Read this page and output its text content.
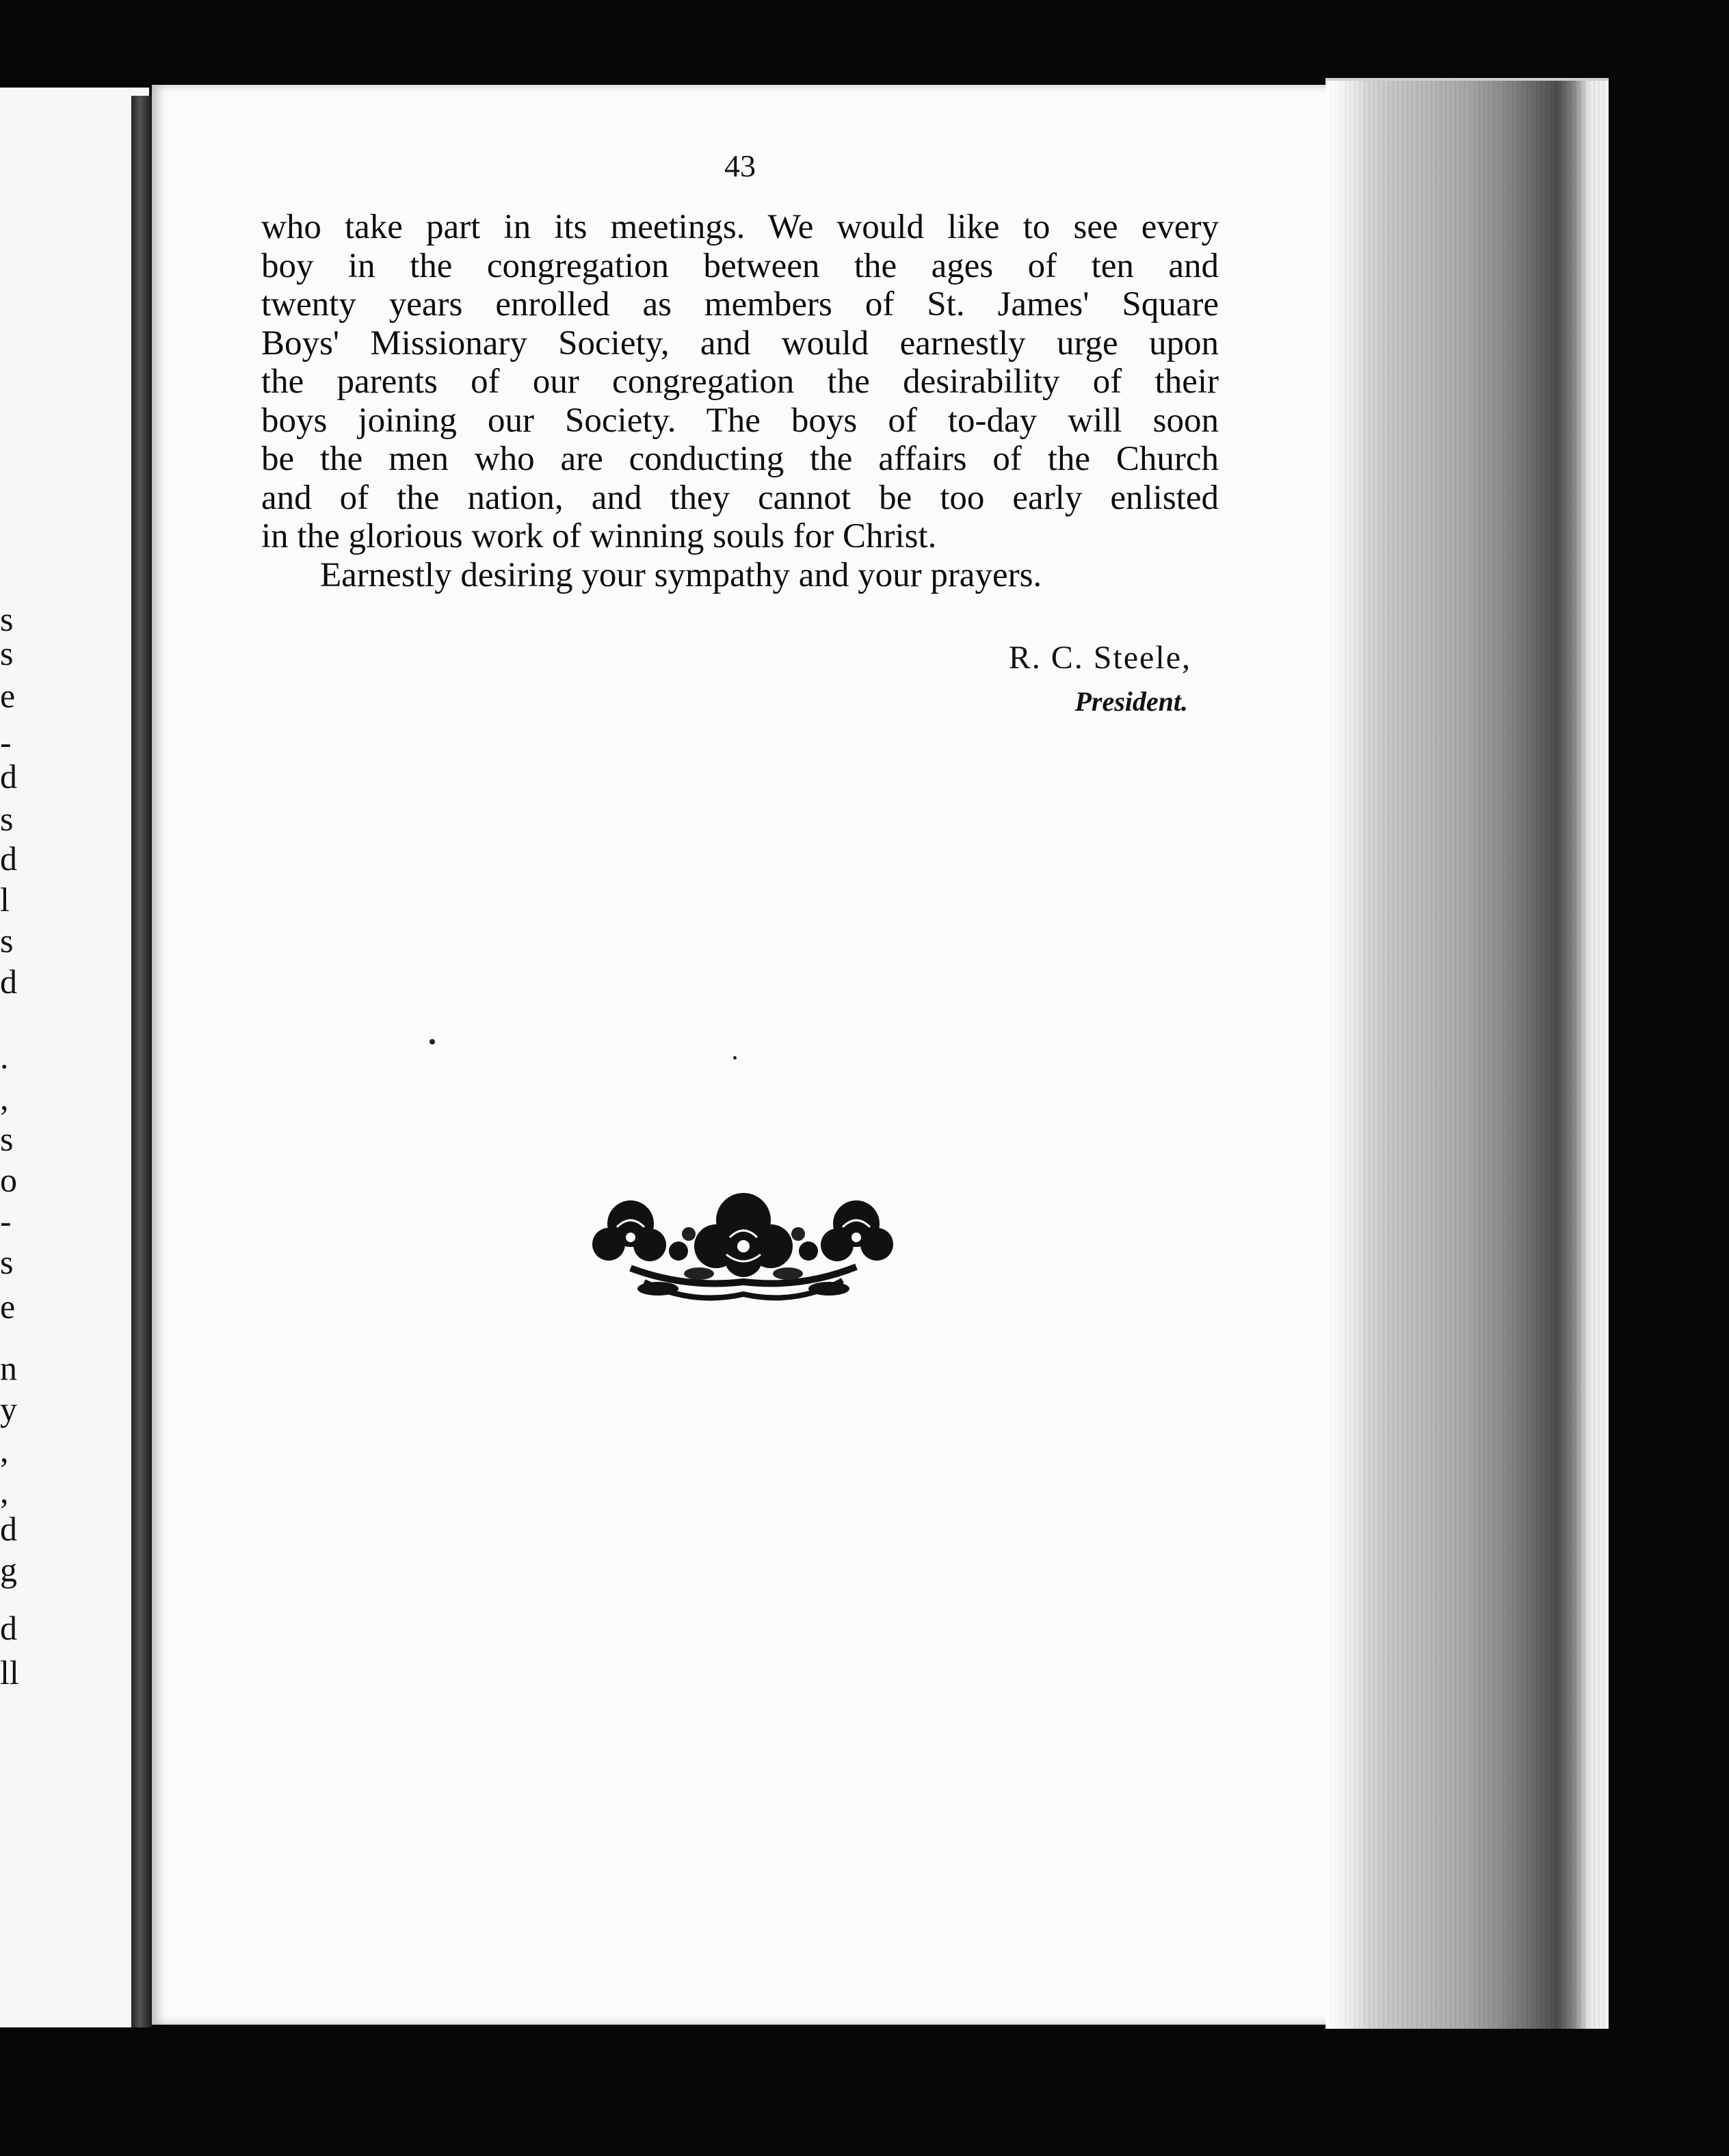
s
s
e
-
d
s
d
l
s
d
.
,
s
o
-
s
e
n
y
,
,
d
g
d
ll
43
who take part in its meetings. We would like to see every
boy in the congregation between the ages of ten and
twenty years enrolled as members of St. James' Square
Boys' Missionary Society, and would earnestly urge upon
the parents of our congregation the desirability of their
boys joining our Society. The boys of to-day will soon
be the men who are conducting the affairs of the Church
and of the nation, and they cannot be too early enlisted
in the glorious work of winning souls for Christ.
Earnestly desiring your sympathy and your prayers.
R. C. Steele,
President.
